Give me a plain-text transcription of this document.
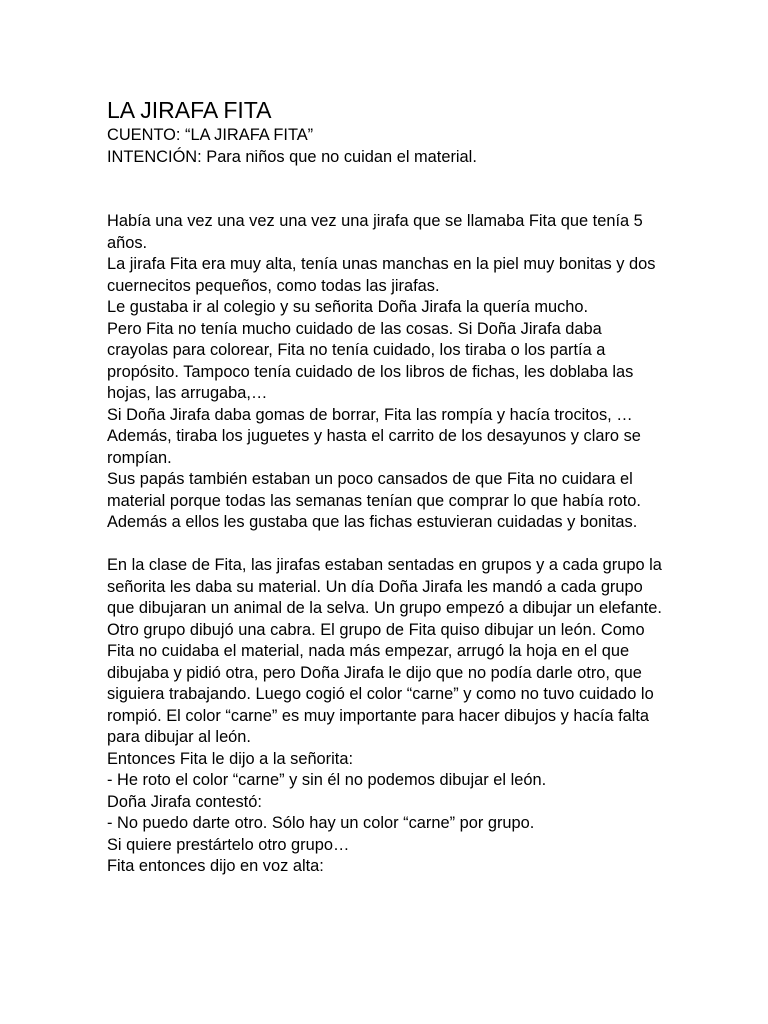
LA JIRAFA FITA

CUENTO: “LA JIRAFA FITA”

INTENCIÓN: Para niños que no cuidan el material.

Había una vez una vez una vez una jirafa que se llamaba Fita que tenía 5 años.

La jirafa Fita era muy alta, tenía unas manchas en la piel muy bonitas y dos cuernecitos pequeños, como todas las jirafas.

Le gustaba ir al colegio y su señorita Doña Jirafa la quería mucho.

Pero Fita no tenía mucho cuidado de las cosas. Si Doña Jirafa daba crayolas para colorear, Fita no tenía cuidado, los tiraba o los partía a propósito. Tampoco tenía cuidado de los libros de fichas, les doblaba las hojas, las arrugaba,…

Si Doña Jirafa daba gomas de borrar, Fita las rompía y hacía trocitos, …

Además, tiraba los juguetes y hasta el carrito de los desayunos y claro se rompían.

Sus papás también estaban un poco cansados de que Fita no cuidara el material porque todas las semanas tenían que comprar lo que había roto. Además a ellos les gustaba que las fichas estuvieran cuidadas y bonitas.

En la clase de Fita, las jirafas estaban sentadas en grupos y a cada grupo la señorita les daba su material. Un día Doña Jirafa les mandó a cada grupo que dibujaran un animal de la selva. Un grupo empezó a dibujar un elefante. Otro grupo dibujó una cabra. El grupo de Fita quiso dibujar un león. Como Fita no cuidaba el material, nada más empezar, arrugó la hoja en el que dibujaba y pidió otra, pero Doña Jirafa le dijo que no podía darle otro, que siguiera trabajando. Luego cogió el color “carne” y como no tuvo cuidado lo rompió. El color “carne” es muy importante para hacer dibujos y hacía falta para dibujar al león.

Entonces Fita le dijo a la señorita:

- He roto el color “carne” y sin él no podemos dibujar el león.

Doña Jirafa contestó:

- No puedo darte otro. Sólo hay un color “carne” por grupo.

Si quiere prestártelo otro grupo…

Fita entonces dijo en voz alta:
